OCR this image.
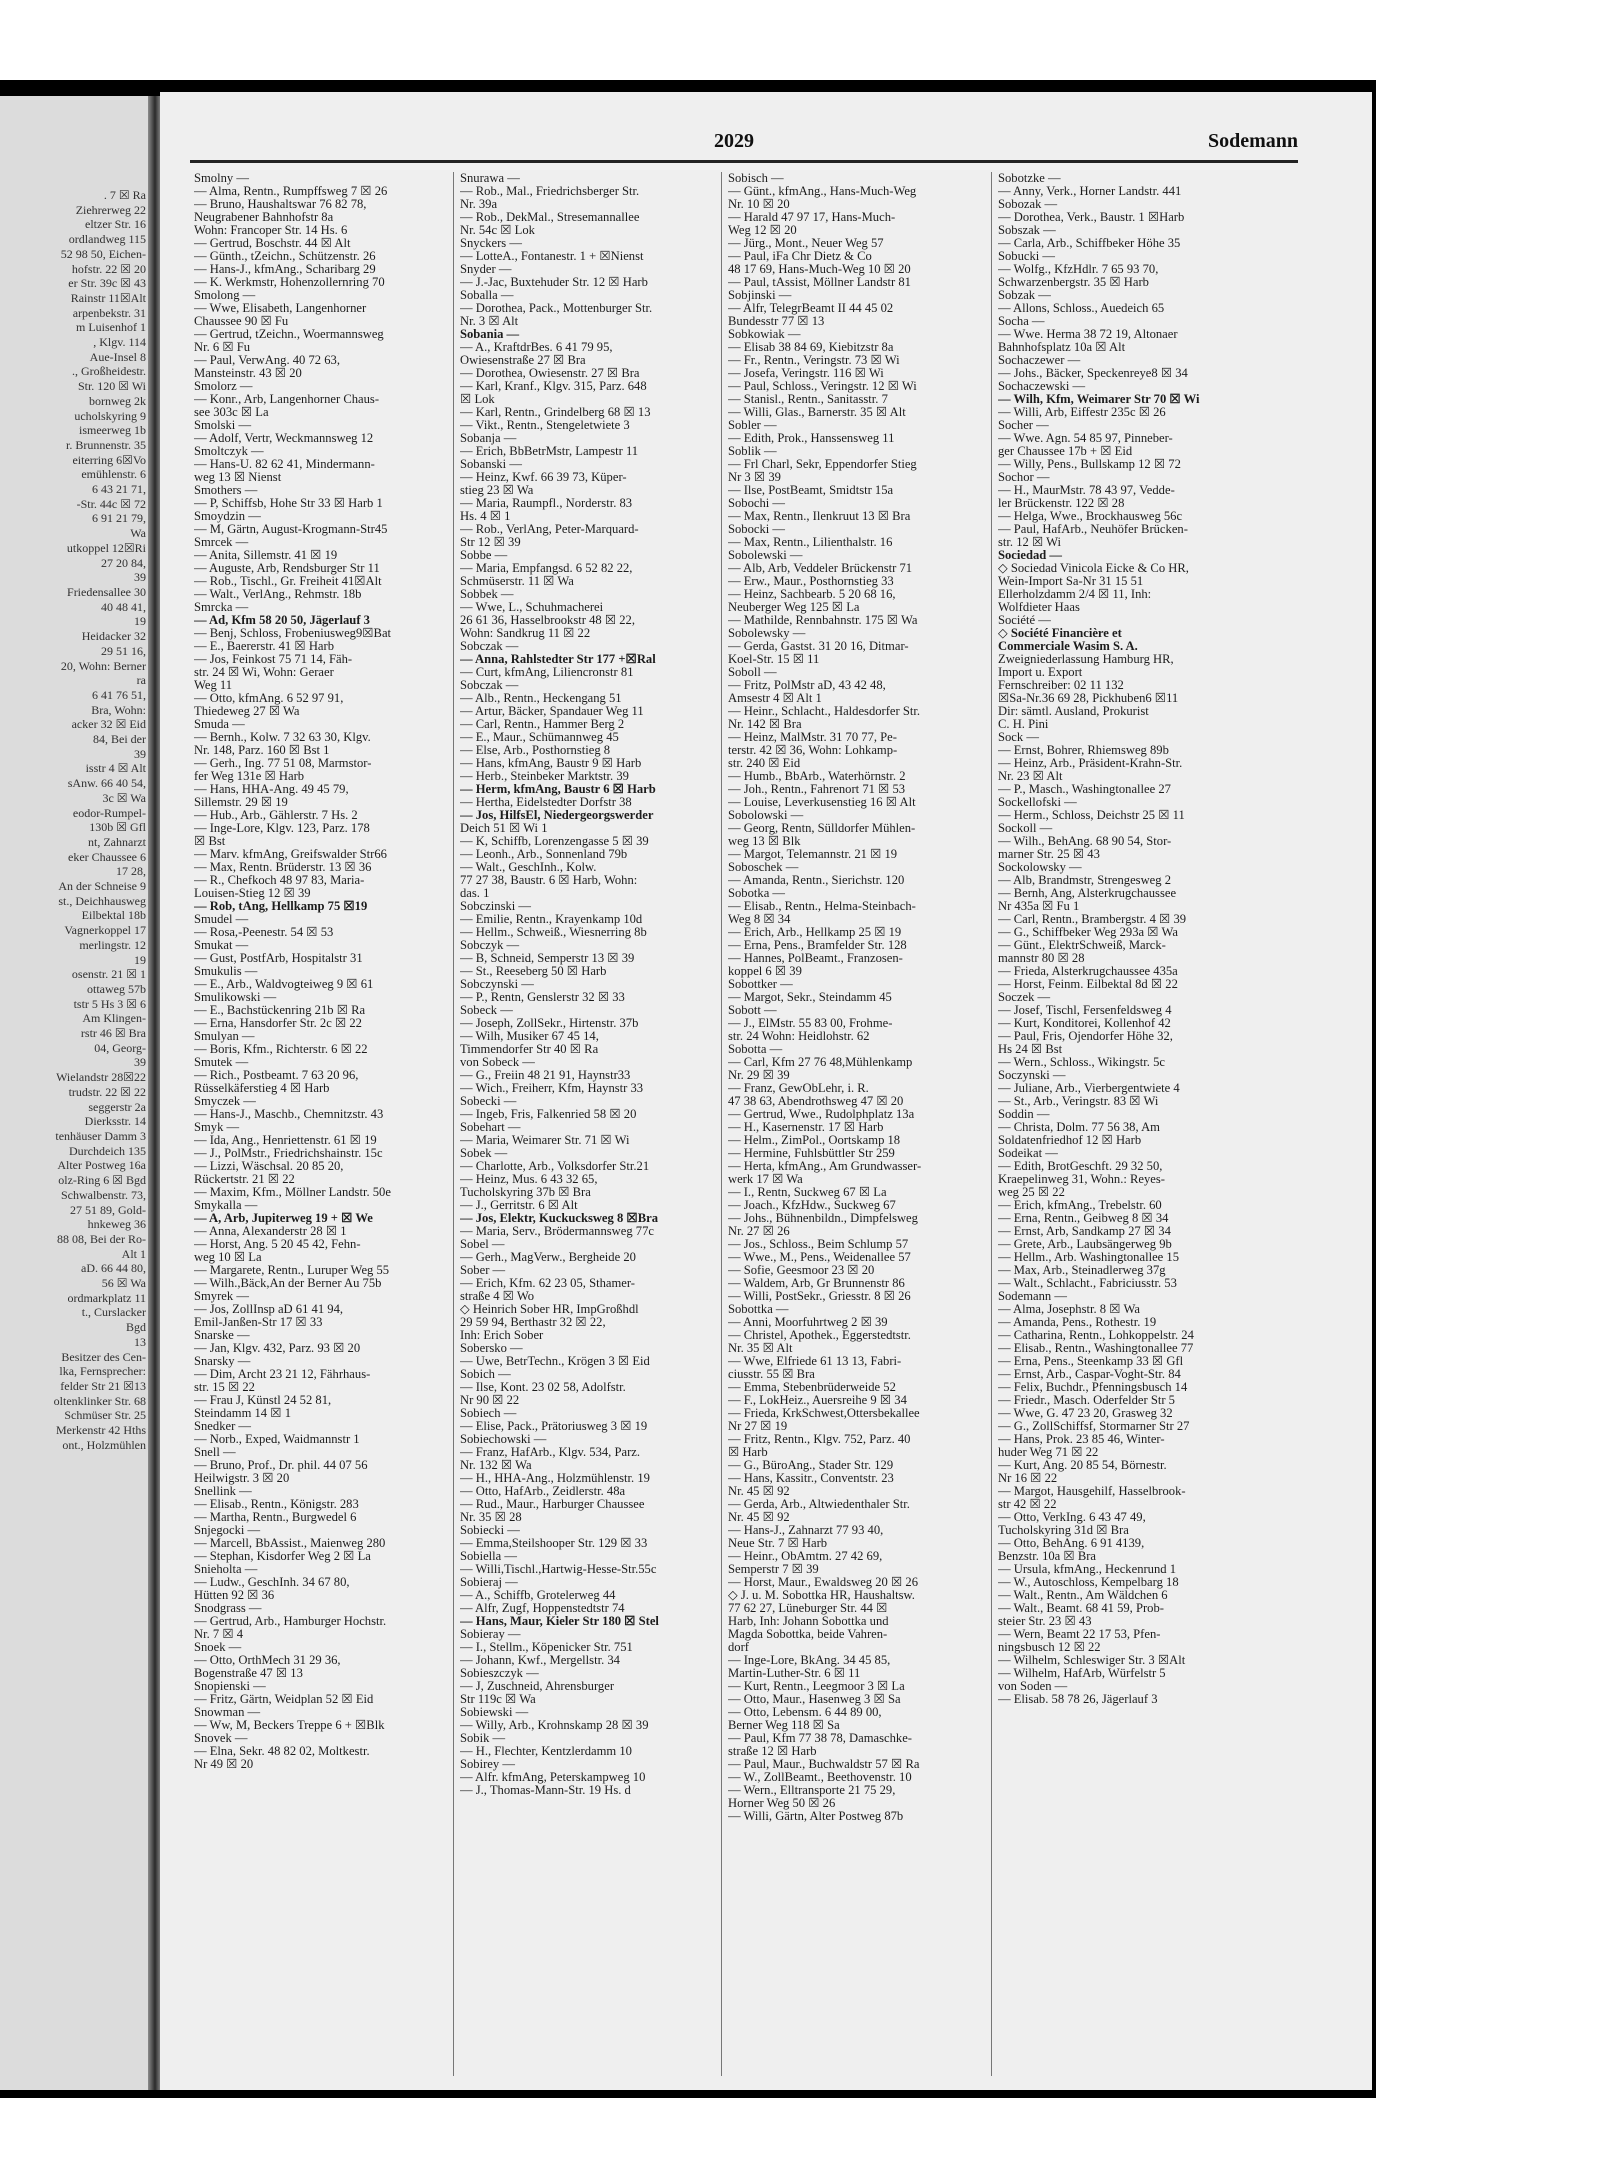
. 7 ☒ Ra
Ziehrerweg 22
eltzer Str. 16
ordlandweg 115
52 98 50, Eichen-
hofstr. 22 ☒ 20
er Str. 39c ☒ 43
Rainstr 11☒Alt
arpenbekstr. 31
m Luisenhof 1
, Klgv. 114
Aue-Insel 8
., Großheidestr.
Str. 120 ☒ Wi
bornweg 2k
ucholskyring 9
ismeerweg 1b
r. Brunnenstr. 35
eiterring 6☒Vo
emühlenstr. 6
6 43 21 71,
-Str. 44c ☒ 72
6 91 21 79,
Wa
utkoppel 12☒Ri
27 20 84,
39
Friedensallee 30
40 48 41,
19
Heidacker 32
29 51 16,
20, Wohn: Berner
ra
6 41 76 51,
Bra, Wohn:
acker 32 ☒ Eid
84, Bei der
39
isstr 4 ☒ Alt
sAnw. 66 40 54,
3c ☒ Wa
eodor-Rumpel-
130b ☒ Gfl
nt, Zahnarzt
eker Chaussee 6
17 28,
An der Schneise 9
st., Deichhausweg
Eilbektal 18b
Vagnerkoppel 17
merlingstr. 12
19
osenstr. 21 ☒ 1
ottaweg 57b
tstr 5 Hs 3 ☒ 6
Am Klingen-
rstr 46 ☒ Bra
04, Georg-
39
Wielandstr 28☒22
trudstr. 22 ☒ 22
seggerstr 2a
Dierksstr. 14
tenhäuser Damm 3
Durchdeich 135
Alter Postweg 16a
olz-Ring 6 ☒ Bgd
Schwalbenstr. 73,
27 51 89, Gold-
hnkeweg 36
88 08, Bei der Ro-
Alt 1
aD. 66 44 80,
56 ☒ Wa
ordmarkplatz 11
t., Curslacker
Bgd
13
Besitzer des Cen-
lka, Fernsprecher:
felder Str 21 ☒13
oltenklinker Str. 68
Schmüser Str. 25
Merkenstr 42 Hths
ont., Holzmühlen
2029	Sodemann
Smolny —
— Alma, Rentn., Rumpffsweg 7 ☒ 26
— Bruno, Haushaltswar 76 82 78,
Neugrabener Bahnhofstr 8a
Wohn: Francoper Str. 14 Hs. 6
— Gertrud, Boschstr. 44 ☒ Alt
— Günth., tZeichn., Schützenstr. 26
— Hans-J., kfmAng., Scharibarg 29
— K. Werkmstr, Hohenzollernring 70
Smolong —
— Wwe, Elisabeth, Langenhorner
Chaussee 90 ☒ Fu
— Gertrud, tZeichn., Woermannsweg
Nr. 6 ☒ Fu
— Paul, VerwAng. 40 72 63,
Mansteinstr. 43 ☒ 20
Smolorz —
— Konr., Arb, Langenhorner Chaus-
see 303c ☒ La
Smolski —
— Adolf, Vertr, Weckmannsweg 12
Smoltczyk —
— Hans-U. 82 62 41, Mindermann-
weg 13 ☒ Nienst
Smothers —
— P, Schiffsb, Hohe Str 33 ☒ Harb 1
Smoydzin —
— M, Gärtn, August-Krogmann-Str45
Smrcek —
— Anita, Sillemstr. 41 ☒ 19
— Auguste, Arb, Rendsburger Str 11
— Rob., Tischl., Gr. Freiheit 41☒Alt
— Walt., VerlAng., Rehmstr. 18b
Smrcka —
— Ad, Kfm 58 20 50, Jägerlauf 3
— Benj, Schloss, Frobeniusweg9☒Bat
— E., Baererstr. 41 ☒ Harb
— Jos, Feinkost 75 71 14, Fäh-
str. 24 ☒ Wi, Wohn: Geraer
Weg 11
— Otto, kfmAng. 6 52 97 91,
Thiedeweg 27 ☒ Wa
Smuda —
— Bernh., Kolw. 7 32 63 30, Klgv.
Nr. 148, Parz. 160 ☒ Bst 1
— Gerh., Ing. 77 51 08, Marmstor-
fer Weg 131e ☒ Harb
— Hans, HHA-Ang. 49 45 79,
Sillemstr. 29 ☒ 19
— Hub., Arb., Gählerstr. 7 Hs. 2
— Inge-Lore, Klgv. 123, Parz. 178
☒ Bst
— Marv. kfmAng, Greifswalder Str66
— Max, Rentn. Brüderstr. 13 ☒ 36
— R., Chefkoch 48 97 83, Maria-
Louisen-Stieg 12 ☒ 39
— Rob, tAng, Hellkamp 75 ☒19
Smudel —
— Rosa,-Peenestr. 54 ☒ 53
Smukat —
— Gust, PostfArb, Hospitalstr 31
Smukulis —
— E., Arb., Waldvogteiweg 9 ☒ 61
Smulikowski —
— E., Bachstückenring 21b ☒ Ra
— Erna, Hansdorfer Str. 2c ☒ 22
Smulyan —
— Boris, Kfm., Richterstr. 6 ☒ 22
Smutek —
— Rich., Postbeamt. 7 63 20 96,
Rüsselkäferstieg 4 ☒ Harb
Smyczek —
— Hans-J., Maschb., Chemnitzstr. 43
Smyk —
— Ida, Ang., Henriettenstr. 61 ☒ 19
— J., PolMstr., Friedrichshainstr. 15c
— Lizzi, Wäschsal. 20 85 20,
Rückertstr. 21 ☒ 22
— Maxim, Kfm., Möllner Landstr. 50e
Smykalla —
— A, Arb, Jupiterweg 19 + ☒ We
— Anna, Alexanderstr 28 ☒ 1
— Horst, Ang. 5 20 45 42, Fehn-
weg 10 ☒ La
— Margarete, Rentn., Luruper Weg 55
— Wilh.,Bäck,An der Berner Au 75b
Smyrek —
— Jos, ZollInsp aD 61 41 94,
Emil-Janßen-Str 17 ☒ 33
Snarske —
— Jan, Klgv. 432, Parz. 93 ☒ 20
Snarsky —
— Dim, Archt 23 21 12, Fährhaus-
str. 15 ☒ 22
— Frau J, Künstl 24 52 81,
Steindamm 14 ☒ 1
Snedker —
— Norb., Exped, Waidmannstr 1
Snell —
— Bruno, Prof., Dr. phil. 44 07 56
Heilwigstr. 3 ☒ 20
Snellink —
— Elisab., Rentn., Königstr. 283
— Martha, Rentn., Burgwedel 6
Snjegocki —
— Marcell, BbAssist., Maienweg 280
— Stephan, Kisdorfer Weg 2 ☒ La
Snieholta —
— Ludw., GeschInh. 34 67 80,
Hütten 92 ☒ 36
Snodgrass —
— Gertrud, Arb., Hamburger Hochstr.
Nr. 7 ☒ 4
Snoek —
— Otto, OrthMech 31 29 36,
Bogenstraße 47 ☒ 13
Snopienski —
— Fritz, Gärtn, Weidplan 52 ☒ Eid
Snowman —
— Ww, M, Beckers Treppe 6 + ☒Blk
Snovek —
— Elna, Sekr. 48 82 02, Moltkestr.
Nr 49 ☒ 20
Snurawa —
— Rob., Mal., Friedrichsberger Str.
Nr. 39a
— Rob., DekMal., Stresemannallee
Nr. 54c ☒ Lok
Snyckers —
— LotteA., Fontanestr. 1 + ☒Nienst
Snyder —
— J.-Jac, Buxtehuder Str. 12 ☒ Harb
Soballa —
— Dorothea, Pack., Mottenburger Str.
Nr. 3 ☒ Alt
Sobania —
— A., KraftdrBes. 6 41 79 95,
Owiesenstraße 27 ☒ Bra
— Dorothea, Owiesenstr. 27 ☒ Bra
— Karl, Kranf., Klgv. 315, Parz. 648
☒ Lok
— Karl, Rentn., Grindelberg 68 ☒ 13
— Vikt., Rentn., Stengeletwiete 3
Sobanja —
— Erich, BbBetrMstr, Lampestr 11
Sobanski —
— Heinz, Kwf. 66 39 73, Küper-
stieg 23 ☒ Wa
— Maria, Raumpfl., Norderstr. 83
Hs. 4 ☒ 1
— Rob., VerlAng, Peter-Marquard-
Str 12 ☒ 39
Sobbe —
— Maria, Empfangsd. 6 52 82 22,
Schmüserstr. 11 ☒ Wa
Sobbek —
— Wwe, L., Schuhmacherei
26 61 36, Hasselbrookstr 48 ☒ 22,
Wohn: Sandkrug 11 ☒ 22
Sobczak —
— Anna, Rahlstedter Str 177 +☒Ral
— Curt, kfmAng, Liliencronstr 81
Sobczak —
— Alb., Rentn., Heckengang 51
— Artur, Bäcker, Spandauer Weg 11
— Carl, Rentn., Hammer Berg 2
— E., Maur., Schümannweg 45
— Else, Arb., Posthornstieg 8
— Hans, kfmAng, Baustr 9 ☒ Harb
— Herb., Steinbeker Marktstr. 39
— Herm, kfmAng, Baustr 6 ☒ Harb
— Hertha, Eidelstedter Dorfstr 38
— Jos, HilfsEl, Niedergeorgswerder
Deich 51 ☒ Wi 1
— K, Schiffb, Lorenzengasse 5 ☒ 39
— Leonh., Arb., Sonnenland 79b
— Walt., GeschInh., Kolw.
77 27 38, Baustr. 6 ☒ Harb, Wohn:
das. 1
Sobczinski —
— Emilie, Rentn., Krayenkamp 10d
— Hellm., Schweiß., Wiesnerring 8b
Sobczyk —
— B, Schneid, Semperstr 13 ☒ 39
— St., Reeseberg 50 ☒ Harb
Sobczynski —
— P., Rentn, Genslerstr 32 ☒ 33
Sobeck —
— Joseph, ZollSekr., Hirtenstr. 37b
— Wilh, Musiker 67 45 14,
Timmendorfer Str 40 ☒ Ra
von Sobeck —
— G., Freiin 48 21 91, Haynstr33
— Wich., Freiherr, Kfm, Haynstr 33
Sobecki —
— Ingeb, Fris, Falkenried 58 ☒ 20
Sobehart —
— Maria, Weimarer Str. 71 ☒ Wi
Sobek —
— Charlotte, Arb., Volksdorfer Str.21
— Heinz, Mus. 6 43 32 65,
Tucholskyring 37b ☒ Bra
— J., Gerritstr. 6 ☒ Alt
— Jos, Elektr, Kuckucksweg 8 ☒Bra
— Maria, Serv., Brödermannsweg 77c
Sobel —
— Gerh., MagVerw., Bergheide 20
Sober —
— Erich, Kfm. 62 23 05, Sthamer-
straße 4 ☒ Wo
◇ Heinrich Sober HR, ImpGroßhdl
29 59 94, Berthastr 32 ☒ 22,
Inh: Erich Sober
Sobersko —
— Uwe, BetrTechn., Krögen 3 ☒ Eid
Sobich —
— Ilse, Kont. 23 02 58, Adolfstr.
Nr 90 ☒ 22
Sobiech —
— Elise, Pack., Prätoriusweg 3 ☒ 19
Sobiechowski —
— Franz, HafArb., Klgv. 534, Parz.
Nr. 132 ☒ Wa
— H., HHA-Ang., Holzmühlenstr. 19
— Otto, HafArb., Zeidlerstr. 48a
— Rud., Maur., Harburger Chaussee
Nr. 35 ☒ 28
Sobiecki —
— Emma,Steilshooper Str. 129 ☒ 33
Sobiella —
— Willi,Tischl.,Hartwig-Hesse-Str.55c
Sobieraj —
— A., Schiffb, Grotelerweg 44
— Alfr, Zugf, Hoppenstedtstr 74
— Hans, Maur, Kieler Str 180 ☒ Stel
Sobieray —
— I., Stellm., Köpenicker Str. 751
— Johann, Kwf., Mergellstr. 34
Sobieszczyk —
— J, Zuschneid, Ahrensburger
Str 119c ☒ Wa
Sobiewski —
— Willy, Arb., Krohnskamp 28 ☒ 39
Sobik —
— H., Flechter, Kentzlerdamm 10
Sobirey —
— Alfr. kfmAng, Peterskampweg 10
— J., Thomas-Mann-Str. 19 Hs. d
Sobisch —
— Günt., kfmAng., Hans-Much-Weg
Nr. 10 ☒ 20
— Harald 47 97 17, Hans-Much-
Weg 12 ☒ 20
— Jürg., Mont., Neuer Weg 57
— Paul, iFa Chr Dietz & Co
48 17 69, Hans-Much-Weg 10 ☒ 20
— Paul, tAssist, Möllner Landstr 81
Sobjinski —
— Alfr, TelegrBeamt II 44 45 02
Bundesstr 77 ☒ 13
Sobkowiak —
— Elisab 38 84 69, Kiebitzstr 8a
— Fr., Rentn., Veringstr. 73 ☒ Wi
— Josefa, Veringstr. 116 ☒ Wi
— Paul, Schloss., Veringstr. 12 ☒ Wi
— Stanisl., Rentn., Sanitasstr. 7
— Willi, Glas., Barnerstr. 35 ☒ Alt
Sobler —
— Edith, Prok., Hanssensweg 11
Soblik —
— Frl Charl, Sekr, Eppendorfer Stieg
Nr 3 ☒ 39
— Ilse, PostBeamt, Smidtstr 15a
Sobochi —
— Max, Rentn., Ilenkruut 13 ☒ Bra
Sobocki —
— Max, Rentn., Lilienthalstr. 16
Sobolewski —
— Alb, Arb, Veddeler Brückenstr 71
— Erw., Maur., Posthornstieg 33
— Heinz, Sachbearb. 5 20 68 16,
Neuberger Weg 125 ☒ La
— Mathilde, Rennbahnstr. 175 ☒ Wa
Sobolewsky —
— Gerda, Gastst. 31 20 16, Ditmar-
Koel-Str. 15 ☒ 11
Soboll —
— Fritz, PolMstr aD, 43 42 48,
Amsestr 4 ☒ Alt 1
— Heinr., Schlacht., Haldesdorfer Str.
Nr. 142 ☒ Bra
— Heinz, MalMstr. 31 70 77, Pe-
terstr. 42 ☒ 36, Wohn: Lohkamp-
str. 240 ☒ Eid
— Humb., BbArb., Waterhörnstr. 2
— Joh., Rentn., Fahrenort 71 ☒ 53
— Louise, Leverkusenstieg 16 ☒ Alt
Sobolowski —
— Georg, Rentn, Sülldorfer Mühlen-
weg 13 ☒ Blk
— Margot, Telemannstr. 21 ☒ 19
Soboschek —
— Amanda, Rentn., Sierichstr. 120
Sobotka —
— Elisab., Rentn., Helma-Steinbach-
Weg 8 ☒ 34
— Erich, Arb., Hellkamp 25 ☒ 19
— Erna, Pens., Bramfelder Str. 128
— Hannes, PolBeamt., Franzosen-
koppel 6 ☒ 39
Sobottker —
— Margot, Sekr., Steindamm 45
Sobott —
— J., ElMstr. 55 83 00, Frohme-
str. 24 Wohn: Heidlohstr. 62
Sobotta —
— Carl, Kfm 27 76 48,Mühlenkamp
Nr. 29 ☒ 39
— Franz, GewObLehr, i. R.
47 38 63, Abendrothsweg 47 ☒ 20
— Gertrud, Wwe., Rudolphplatz 13a
— H., Kasernenstr. 17 ☒ Harb
— Helm., ZimPol., Oortskamp 18
— Hermine, Fuhlsbüttler Str 259
— Herta, kfmAng., Am Grundwasser-
werk 17 ☒ Wa
— I., Rentn, Suckweg 67 ☒ La
— Joach., KfzHdw., Suckweg 67
— Johs., Bühnenbildn., Dimpfelsweg
Nr. 27 ☒ 26
— Jos., Schloss., Beim Schlump 57
— Wwe., M., Pens., Weidenallee 57
— Sofie, Geesmoor 23 ☒ 20
— Waldem, Arb, Gr Brunnenstr 86
— Willi, PostSekr., Griesstr. 8 ☒ 26
Sobottka —
— Anni, Moorfuhrtweg 2 ☒ 39
— Christel, Apothek., Eggerstedtstr.
Nr. 35 ☒ Alt
— Wwe, Elfriede 61 13 13, Fabri-
ciusstr. 55 ☒ Bra
— Emma, Stebenbrüderweide 52
— F., LokHeiz., Auersreihe 9 ☒ 34
— Frieda, KrkSchwest,Ottersbekallee
Nr 27 ☒ 19
— Fritz, Rentn., Klgv. 752, Parz. 40
☒ Harb
— G., BüroAng., Stader Str. 129
— Hans, Kassitr., Conventstr. 23
Nr. 45 ☒ 92
— Gerda, Arb., Altwiedenthaler Str.
Nr. 45 ☒ 92
— Hans-J., Zahnarzt 77 93 40,
Neue Str. 7 ☒ Harb
— Heinr., ObAmtm. 27 42 69,
Semperstr 7 ☒ 39
— Horst, Maur., Ewaldsweg 20 ☒ 26
◇ J. u. M. Sobottka HR, Haushaltsw.
77 62 27, Lüneburger Str. 44 ☒
Harb, Inh: Johann Sobottka und
Magda Sobottka, beide Vahren-
dorf
— Inge-Lore, BkAng. 34 45 85,
Martin-Luther-Str. 6 ☒ 11
— Kurt, Rentn., Leegmoor 3 ☒ La
— Otto, Maur., Hasenweg 3 ☒ Sa
— Otto, Lebensm. 6 44 89 00,
Berner Weg 118 ☒ Sa
— Paul, Kfm 77 38 78, Damaschke-
straße 12 ☒ Harb
— Paul, Maur., Buchwaldstr 57 ☒ Ra
— W., ZollBeamt., Beethovenstr. 10
— Wern., Elltransporte 21 75 29,
Horner Weg 50 ☒ 26
— Willi, Gärtn, Alter Postweg 87b
Sobotzke —
— Anny, Verk., Horner Landstr. 441
Sobozak —
— Dorothea, Verk., Baustr. 1 ☒Harb
Sobszak —
— Carla, Arb., Schiffbeker Höhe 35
Sobucki —
— Wolfg., KfzHdlr. 7 65 93 70,
Schwarzenbergstr. 35 ☒ Harb
Sobzak —
— Allons, Schloss., Auedeich 65
Socha —
— Wwe. Herma 38 72 19, Altonaer
Bahnhofsplatz 10a ☒ Alt
Sochaczewer —
— Johs., Bäcker, Speckenreye8 ☒ 34
Sochaczewski —
— Wilh, Kfm, Weimarer Str 70 ☒ Wi
— Willi, Arb, Eiffestr 235c ☒ 26
Socher —
— Wwe. Agn. 54 85 97, Pinneber-
ger Chaussee 17b + ☒ Eid
— Willy, Pens., Bullskamp 12 ☒ 72
Sochor —
— H., MaurMstr. 78 43 97, Vedde-
ler Brückenstr. 122 ☒ 28
— Helga, Wwe., Brockhausweg 56c
— Paul, HafArb., Neuhöfer Brücken-
str. 12 ☒ Wi
Sociedad —
◇ Sociedad Vinicola Eicke & Co HR,
Wein-Import Sa-Nr 31 15 51
Ellerholzdamm 2/4 ☒ 11, Inh:
Wolfdieter Haas
Société —
◇ Société Financière et
Commerciale Wasim S. A.
Zweigniederlassung Hamburg HR,
Import u. Export
Fernschreiber: 02 11 132
☒Sa-Nr.36 69 28, Pickhuben6 ☒11
Dir: sämtl. Ausland, Prokurist
C. H. Pini
Sock —
— Ernst, Bohrer, Rhiemsweg 89b
— Heinz, Arb., Präsident-Krahn-Str.
Nr. 23 ☒ Alt
— P., Masch., Washingtonallee 27
Sockellofski —
— Herm., Schloss, Deichstr 25 ☒ 11
Sockoll —
— Wilh., BehAng. 68 90 54, Stor-
marner Str. 25 ☒ 43
Sockolowsky —
— Alb, Brandmstr, Strengesweg 2
— Bernh, Ang, Alsterkrugchaussee
Nr 435a ☒ Fu 1
— Carl, Rentn., Brambergstr. 4 ☒ 39
— G., Schiffbeker Weg 293a ☒ Wa
— Günt., ElektrSchweiß, Marck-
mannstr 80 ☒ 28
— Frieda, Alsterkrugchaussee 435a
— Horst, Feinm. Eilbektal 8d ☒ 22
Soczek —
— Josef, Tischl, Fersenfeldsweg 4
— Kurt, Konditorei, Kollenhof 42
— Paul, Fris, Ojendorfer Höhe 32,
Hs 24 ☒ Bst
— Wern., Schloss., Wikingstr. 5c
Soczynski —
— Juliane, Arb., Vierbergentwiete 4
— St., Arb., Veringstr. 83 ☒ Wi
Soddin —
— Christa, Dolm. 77 56 38, Am
Soldatenfriedhof 12 ☒ Harb
Sodeikat —
— Edith, BrotGeschft. 29 32 50,
Kraepelinweg 31, Wohn.: Reyes-
weg 25 ☒ 22
— Erich, kfmAng., Trebelstr. 60
— Erna, Rentn., Geibweg 8 ☒ 34
— Ernst, Arb, Sandkamp 27 ☒ 34
— Grete, Arb., Laubsängerweg 9b
— Hellm., Arb. Washingtonallee 15
— Max, Arb., Steinadlerweg 37g
— Walt., Schlacht., Fabriciusstr. 53
Sodemann —
— Alma, Josephstr. 8 ☒ Wa
— Amanda, Pens., Rothestr. 19
— Catharina, Rentn., Lohkoppelstr. 24
— Elisab., Rentn., Washingtonallee 77
— Erna, Pens., Steenkamp 33 ☒ Gfl
— Ernst, Arb., Caspar-Voght-Str. 84
— Felix, Buchdr., Pfenningsbusch 14
— Friedr., Masch. Oderfelder Str 5
— Wwe, G. 47 23 20, Grasweg 32
— G., ZollSchiffsf, Stormarner Str 27
— Hans, Prok. 23 85 46, Winter-
huder Weg 71 ☒ 22
— Kurt, Ang. 20 85 54, Börnestr.
Nr 16 ☒ 22
— Margot, Hausgehilf, Hasselbrook-
str 42 ☒ 22
— Otto, VerkIng. 6 43 47 49,
Tucholskyring 31d ☒ Bra
— Otto, BehAng. 6 91 4139,
Benzstr. 10a ☒ Bra
— Ursula, kfmAng., Heckenrund 1
— W., Autoschloss, Kempelbarg 18
— Walt., Rentn., Am Wäldchen 6
— Walt., Beamt. 68 41 59, Prob-
steier Str. 23 ☒ 43
— Wern, Beamt 22 17 53, Pfen-
ningsbusch 12 ☒ 22
— Wilhelm, Schleswiger Str. 3 ☒Alt
— Wilhelm, HafArb, Würfelstr 5
von Soden —
— Elisab. 58 78 26, Jägerlauf 3
